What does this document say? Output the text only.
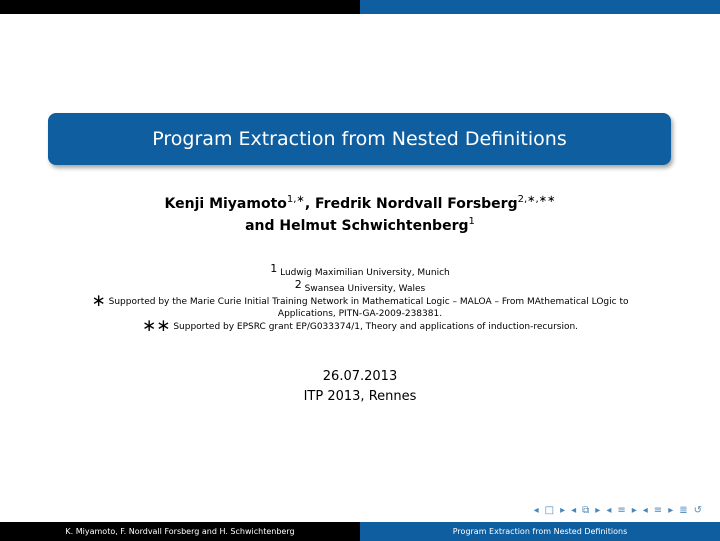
Program Extraction from Nested Definitions
Kenji Miyamoto$^{1,∗}$, Fredrik Nordvall Forsberg$^{2,∗,∗∗}$
and Helmut Schwichtenberg$^1$
1 Ludwig Maximilian University, Munich
2 Swansea University, Wales
∗ Supported by the Marie Curie Initial Training Network in Mathematical Logic – MALOA – From MAthematical LOgic to
Applications, PITN-GA-2009-238381.
∗∗ Supported by EPSRC grant EP/G033374/1, Theory and applications of induction-recursion.
26.07.2013
ITP 2013, Rennes
◂ □ ▸ ◂ ⧉ ▸ ◂ ≡ ▸ ◂ ≡ ▸ ≣ ↺
K. Miyamoto, F. Nordvall Forsberg and H. Schwichtenberg	Program Extraction from Nested Definitions
